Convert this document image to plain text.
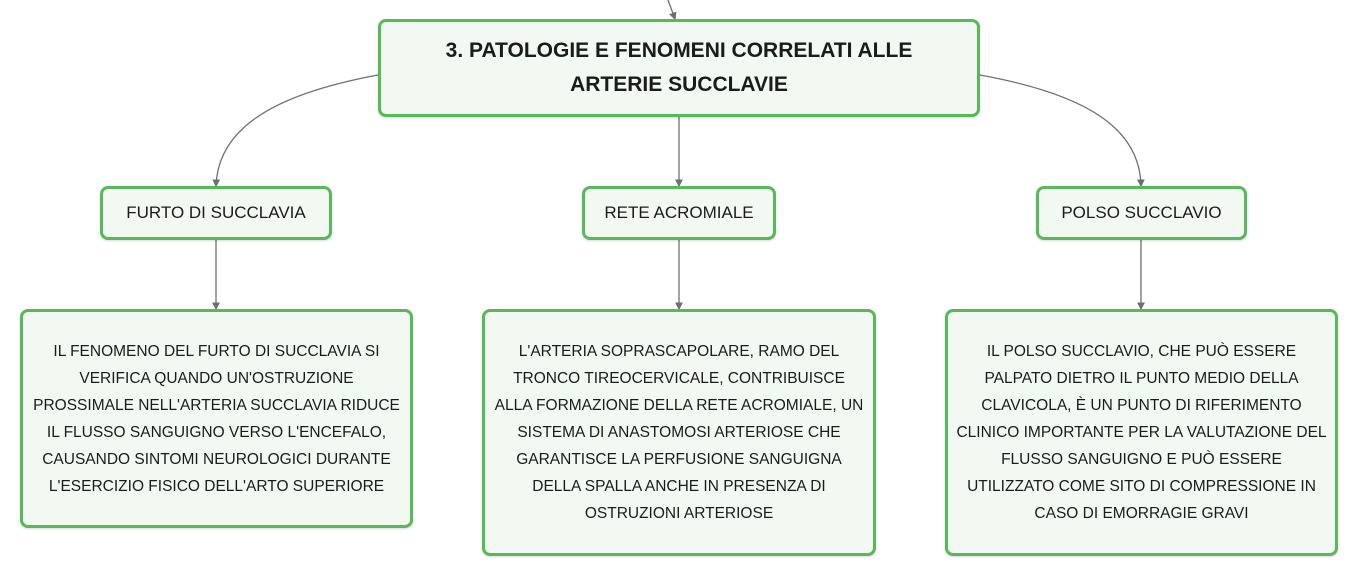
3. PATOLOGIE E FENOMENI CORRELATI ALLE ARTERIE SUCCLAVIE
FURTO DI SUCCLAVIA	RETE ACROMIALE	POLSO SUCCLAVIO
IL FENOMENO DEL FURTO DI SUCCLAVIA SI VERIFICA QUANDO UN'OSTRUZIONE PROSSIMALE NELL'ARTERIA SUCCLAVIA RIDUCE IL FLUSSO SANGUIGNO VERSO L'ENCEFALO, CAUSANDO SINTOMI NEUROLOGICI DURANTE L'ESERCIZIO FISICO DELL'ARTO SUPERIORE
L'ARTERIA SOPRASCAPOLARE, RAMO DEL TRONCO TIREOCERVICALE, CONTRIBUISCE ALLA FORMAZIONE DELLA RETE ACROMIALE, UN SISTEMA DI ANASTOMOSI ARTERIOSE CHE GARANTISCE LA PERFUSIONE SANGUIGNA DELLA SPALLA ANCHE IN PRESENZA DI OSTRUZIONI ARTERIOSE
IL POLSO SUCCLAVIO, CHE PUÒ ESSERE PALPATO DIETRO IL PUNTO MEDIO DELLA CLAVICOLA, È UN PUNTO DI RIFERIMENTO CLINICO IMPORTANTE PER LA VALUTAZIONE DEL FLUSSO SANGUIGNO E PUÒ ESSERE UTILIZZATO COME SITO DI COMPRESSIONE IN CASO DI EMORRAGIE GRAVI
